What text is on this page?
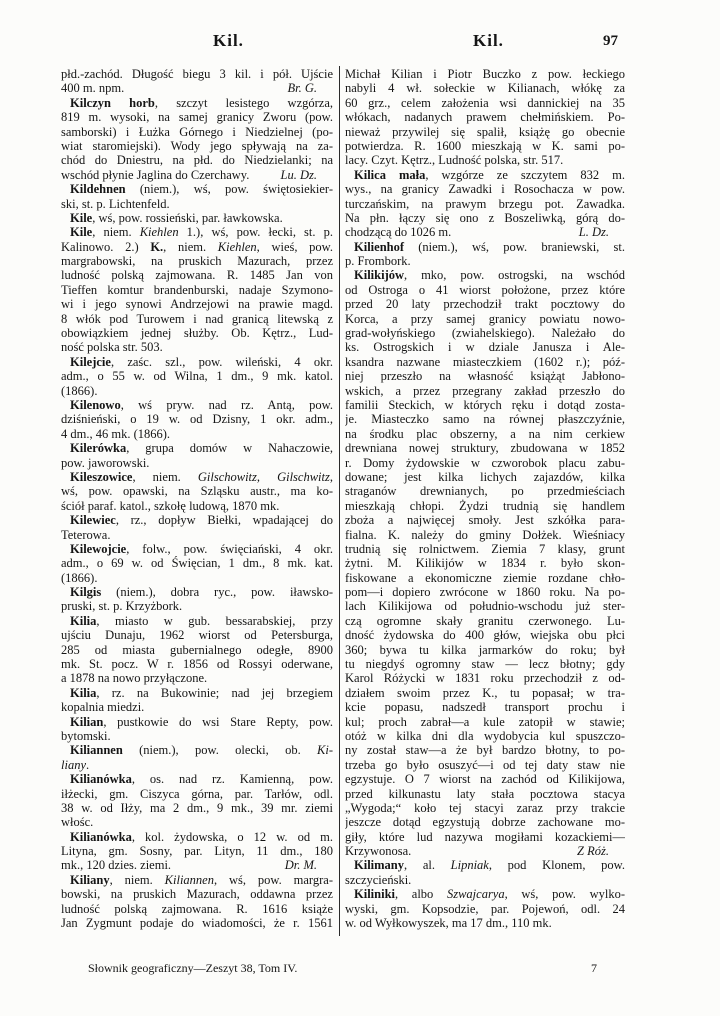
Kil.	Kil.	97
płd.-zachód. Długość biegu 3 kil. i pół. Ujście
400 m. npm.	Br. G.
Kilczyn horb, szczyt lesistego wzgórza,
819 m. wysoki, na samej granicy Zworu (pow.
samborski) i Łużka Górnego i Niedzielnej (po-
wiat staromiejski). Wody jego spływają na za-
chód do Dniestru, na płd. do Niedzielanki; na
wschód płynie Jaglina do Czerchawy.	Lu. Dz.
Kildehnen (niem.), wś, pow. świętosiekier-
ski, st. p. Lichtenfeld.
Kile, wś, pow. rossieński, par. ławkowska.
Kile, niem. Kiehlen 1.), wś, pow. łecki, st. p.
Kalinowo. 2.) K., niem. Kiehlen, wieś, pow.
margrabowski, na pruskich Mazurach, przez
ludność polską zajmowana. R. 1485 Jan von
Tieffen komtur brandenburski, nadaje Szymono-
wi i jego synowi Andrzejowi na prawie magd.
8 włók pod Turowem i nad granicą litewską z
obowiązkiem jednej służby. Ob. Kętrz., Lud-
ność polska str. 503.
Kilejcie, zaśc. szl., pow. wileński, 4 okr.
adm., o 55 w. od Wilna, 1 dm., 9 mk. katol.
(1866).
Kilenowo, wś pryw. nad rz. Antą, pow.
dziśnieński, o 19 w. od Dzisny, 1 okr. adm.,
4 dm., 46 mk. (1866).
Kilerówka, grupa domów w Nahaczowie,
pow. jaworowski.
Kileszowice, niem. Gilschowitz, Gilschwitz,
wś, pow. opawski, na Szląsku austr., ma ko-
ściół paraf. katol., szkołę ludową, 1870 mk.
Kilewiec, rz., dopływ Biełki, wpadającej do
Teterowa.
Kilewojcie, folw., pow. święciański, 4 okr.
adm., o 69 w. od Święcian, 1 dm., 8 mk. kat.
(1866).
Kilgis (niem.), dobra ryc., pow. iławsko-
pruski, st. p. Krzyżbork.
Kilia, miasto w gub. bessarabskiej, przy
ujściu Dunaju, 1962 wiorst od Petersburga,
285 od miasta gubernialnego odegłe, 8900
mk. St. pocz. W r. 1856 od Rossyi oderwane,
a 1878 na nowo przyłączone.
Kilia, rz. na Bukowinie; nad jej brzegiem
kopalnia miedzi.
Kilian, pustkowie do wsi Stare Repty, pow.
bytomski.
Kiliannen (niem.), pow. olecki, ob. Ki-
liany.
Kilianówka, os. nad rz. Kamienną, pow.
iłżecki, gm. Ciszyca górna, par. Tarłów, odl.
38 w. od Iłży, ma 2 dm., 9 mk., 39 mr. ziemi
włośc.
Kilianówka, kol. żydowska, o 12 w. od m.
Lityna, gm. Sosny, par. Lityn, 11 dm., 180
mk., 120 dzies. ziemi.	Dr. M.
Kiliany, niem. Kiliannen, wś, pow. margra-
bowski, na pruskich Mazurach, oddawna przez
ludność polską zajmowana. R. 1616 książe
Jan Zygmunt podaje do wiadomości, że r. 1561
Michał Kilian i Piotr Buczko z pow. łeckiego
nabyli 4 wł. sołeckie w Kilianach, włókę za
60 grz., celem założenia wsi dannickiej na 35
włókach, nadanych prawem chełmińskiem. Po-
nieważ przywilej się spalił, książę go obecnie
potwierdza. R. 1600 mieszkają w K. sami po-
lacy. Czyt. Kętrz., Ludność polska, str. 517.
Kilica mała, wzgórze ze szczytem 832 m.
wys., na granicy Zawadki i Rosochacza w pow.
turczańskim, na prawym brzegu pot. Zawadka.
Na płn. łączy się ono z Boszeliwką, górą do-
chodzącą do 1026 m.	L. Dz.
Kilienhof (niem.), wś, pow. braniewski, st.
p. Frombork.
Kilikijów, mko, pow. ostrogski, na wschód
od Ostroga o 41 wiorst położone, przez które
przed 20 laty przechodził trakt pocztowy do
Korca, a przy samej granicy powiatu nowo-
grad-wołyńskiego (zwiahelskiego). Należało do
ks. Ostrogskich i w dziale Janusza i Ale-
ksandra nazwane miasteczkiem (1602 r.); póź-
niej przeszło na własność książąt Jabłono-
wskich, a przez przegrany zakład przeszło do
familii Steckich, w których ręku i dotąd zosta-
je. Miasteczko samo na równej płaszczyźnie,
na środku plac obszerny, a na nim cerkiew
drewniana nowej struktury, zbudowana w 1852
r. Domy żydowskie w czworobok placu zabu-
dowane; jest kilka lichych zajazdów, kilka
straganów drewnianych, po przedmieściach
mieszkają chłopi. Żydzi trudnią się handlem
zboża a najwięcej smoły. Jest szkółka para-
fialna. K. należy do gminy Dołżek. Wieśniacy
trudnią się rolnictwem. Ziemia 7 klasy, grunt
żytni. M. Kilikijów w 1834 r. było skon-
fiskowane a ekonomiczne ziemie rozdane chło-
pom—i dopiero zwrócone w 1860 roku. Na po-
lach Kilikijowa od południo-wschodu już ster-
czą ogromne skały granitu czerwonego. Lu-
dność żydowska do 400 głów, wiejska obu płci
360; bywa tu kilka jarmarków do roku; był
tu niegdyś ogromny staw — lecz błotny; gdy
Karol Różycki w 1831 roku przechodził z od-
działem swoim przez K., tu popasał; w tra-
kcie popasu, nadszedł transport prochu i
kul; proch zabrał—a kule zatopił w stawie;
otóż w kilka dni dla wydobycia kul spuszczo-
ny został staw—a że był bardzo błotny, to po-
trzeba go było osuszyć—i od tej daty staw nie
egzystuje. O 7 wiorst na zachód od Kilikijowa,
przed kilkunastu laty stała pocztowa stacya
„Wygoda;“ koło tej stacyi zaraz przy trakcie
jeszcze dotąd egzystują dobrze zachowane mo-
giły, które lud nazywa mogiłami kozackiemi—
Krzywonosa.	Z Róż.
Kilimany, al. Lipniak, pod Klonem, pow.
szczycieński.
Kiliniki, albo Szwajcarya, wś, pow. wylko-
wyski, gm. Kopsodzie, par. Pojewoń, odl. 24
w. od Wyłkowyszek, ma 17 dm., 110 mk.
Słownik geograficzny—Zeszyt 38, Tom IV.	7
